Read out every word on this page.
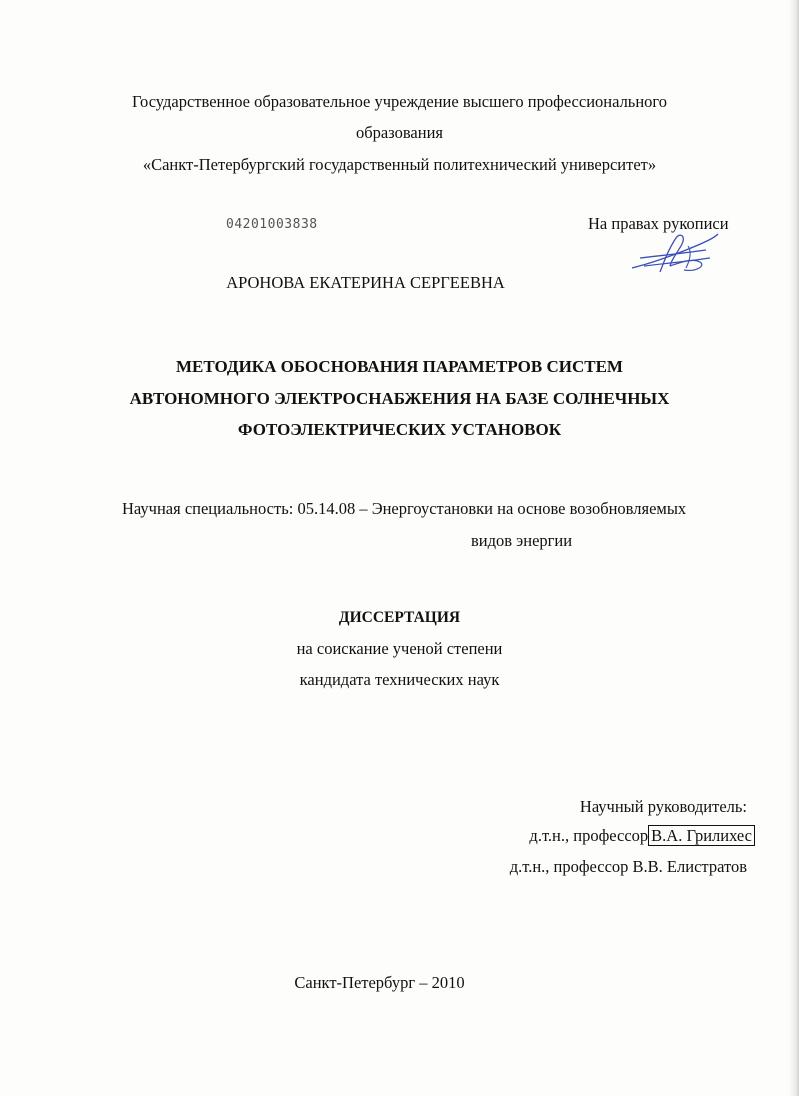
Государственное образовательное учреждение высшего профессионального
образования
«Санкт-Петербургский государственный политехнический университет»
04201003838	На правах рукописи
АРОНОВА ЕКАТЕРИНА СЕРГЕЕВНА
МЕТОДИКА ОБОСНОВАНИЯ ПАРАМЕТРОВ СИСТЕМ
АВТОНОМНОГО ЭЛЕКТРОСНАБЖЕНИЯ НА БАЗЕ СОЛНЕЧНЫХ
ФОТОЭЛЕКТРИЧЕСКИХ УСТАНОВОК
Научная специальность: 05.14.08 – Энергоустановки на основе возобновляемых
видов энергии
ДИССЕРТАЦИЯ
на соискание ученой степени
кандидата технических наук
Научный руководитель:
д.т.н., профессор В.А. Грилихес
д.т.н., профессор В.В. Елистратов
Санкт-Петербург – 2010
